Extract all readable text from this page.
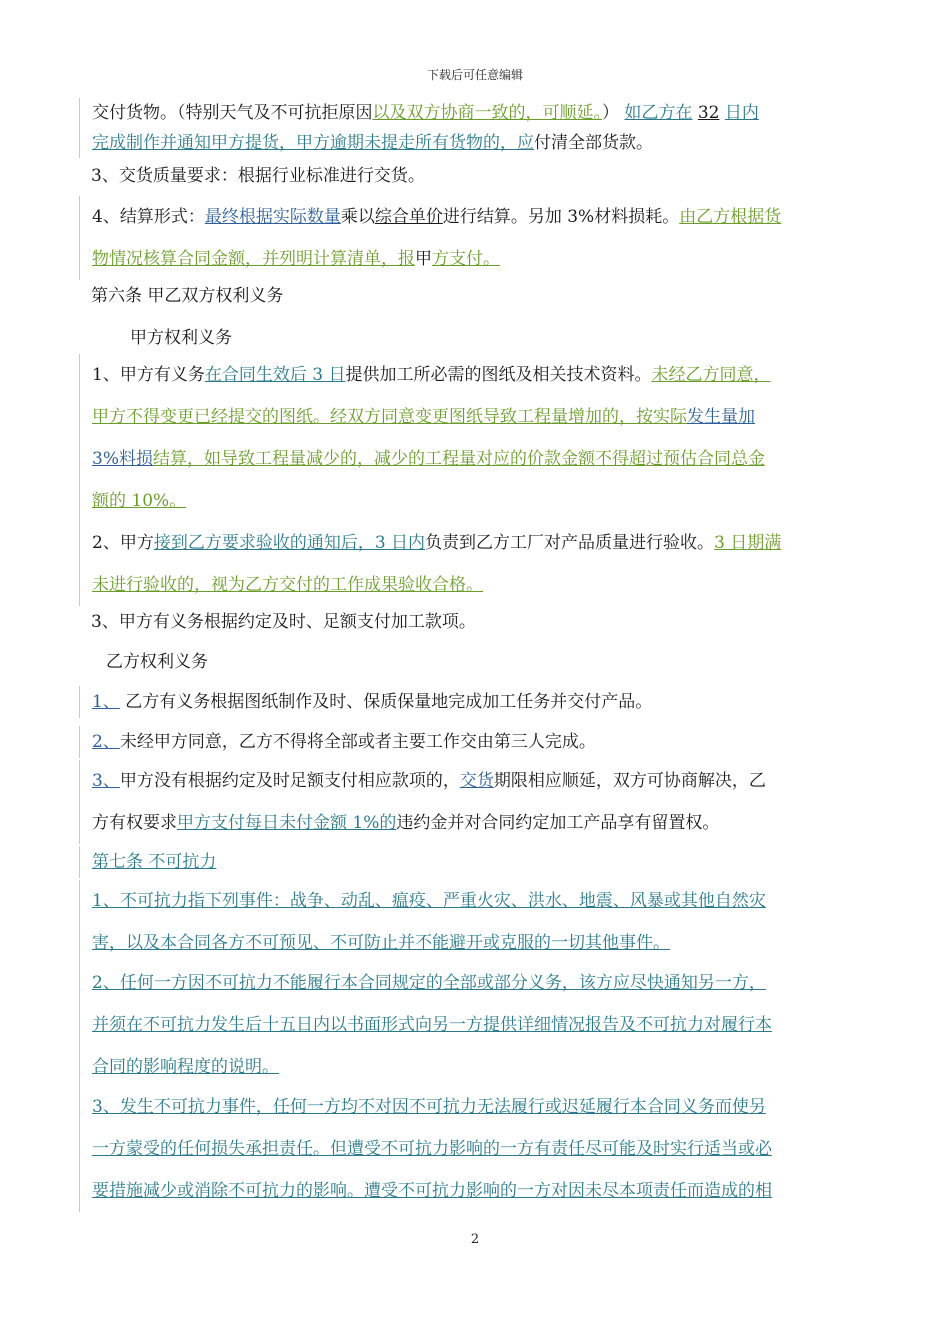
下载后可任意编辑
交付货物。（特别天气及不可抗拒原因以及双方协商一致的，可顺延。） 如乙方在 32 日内
完成制作并通知甲方提货，甲方逾期未提走所有货物的，应付清全部货款。
3、交货质量要求：根据行业标准进行交货。
4、结算形式：最终根据实际数量乘以综合单价进行结算。另加 3%材料损耗。由乙方根据货
物情况核算合同金额，并列明计算清单，报甲方支付。
第六条 甲乙双方权利义务
甲方权利义务
1、甲方有义务在合同生效后 3 日提供加工所必需的图纸及相关技术资料。未经乙方同意，
甲方不得变更已经提交的图纸。经双方同意变更图纸导致工程量增加的，按实际发生量加
3%料损结算，如导致工程量减少的，减少的工程量对应的价款金额不得超过预估合同总金
额的 10%。
2、甲方接到乙方要求验收的通知后，3 日内负责到乙方工厂对产品质量进行验收。3 日期满
未进行验收的，视为乙方交付的工作成果验收合格。
3、甲方有义务根据约定及时、足额支付加工款项。
乙方权利义务
1、 乙方有义务根据图纸制作及时、保质保量地完成加工任务并交付产品。
2、未经甲方同意，乙方不得将全部或者主要工作交由第三人完成。
3、甲方没有根据约定及时足额支付相应款项的，交货期限相应顺延，双方可协商解决，乙
方有权要求甲方支付每日未付金额 1%的违约金并对合同约定加工产品享有留置权。
第七条 不可抗力
1、不可抗力指下列事件：战争、动乱、瘟疫、严重火灾、洪水、地震、风暴或其他自然灾
害，以及本合同各方不可预见、不可防止并不能避开或克服的一切其他事件。
2、任何一方因不可抗力不能履行本合同规定的全部或部分义务，该方应尽快通知另一方，
并须在不可抗力发生后十五日内以书面形式向另一方提供详细情况报告及不可抗力对履行本
合同的影响程度的说明。
3、发生不可抗力事件，任何一方均不对因不可抗力无法履行或迟延履行本合同义务而使另
一方蒙受的任何损失承担责任。但遭受不可抗力影响的一方有责任尽可能及时实行适当或必
要措施减少或消除不可抗力的影响。遭受不可抗力影响的一方对因未尽本项责任而造成的相
2
